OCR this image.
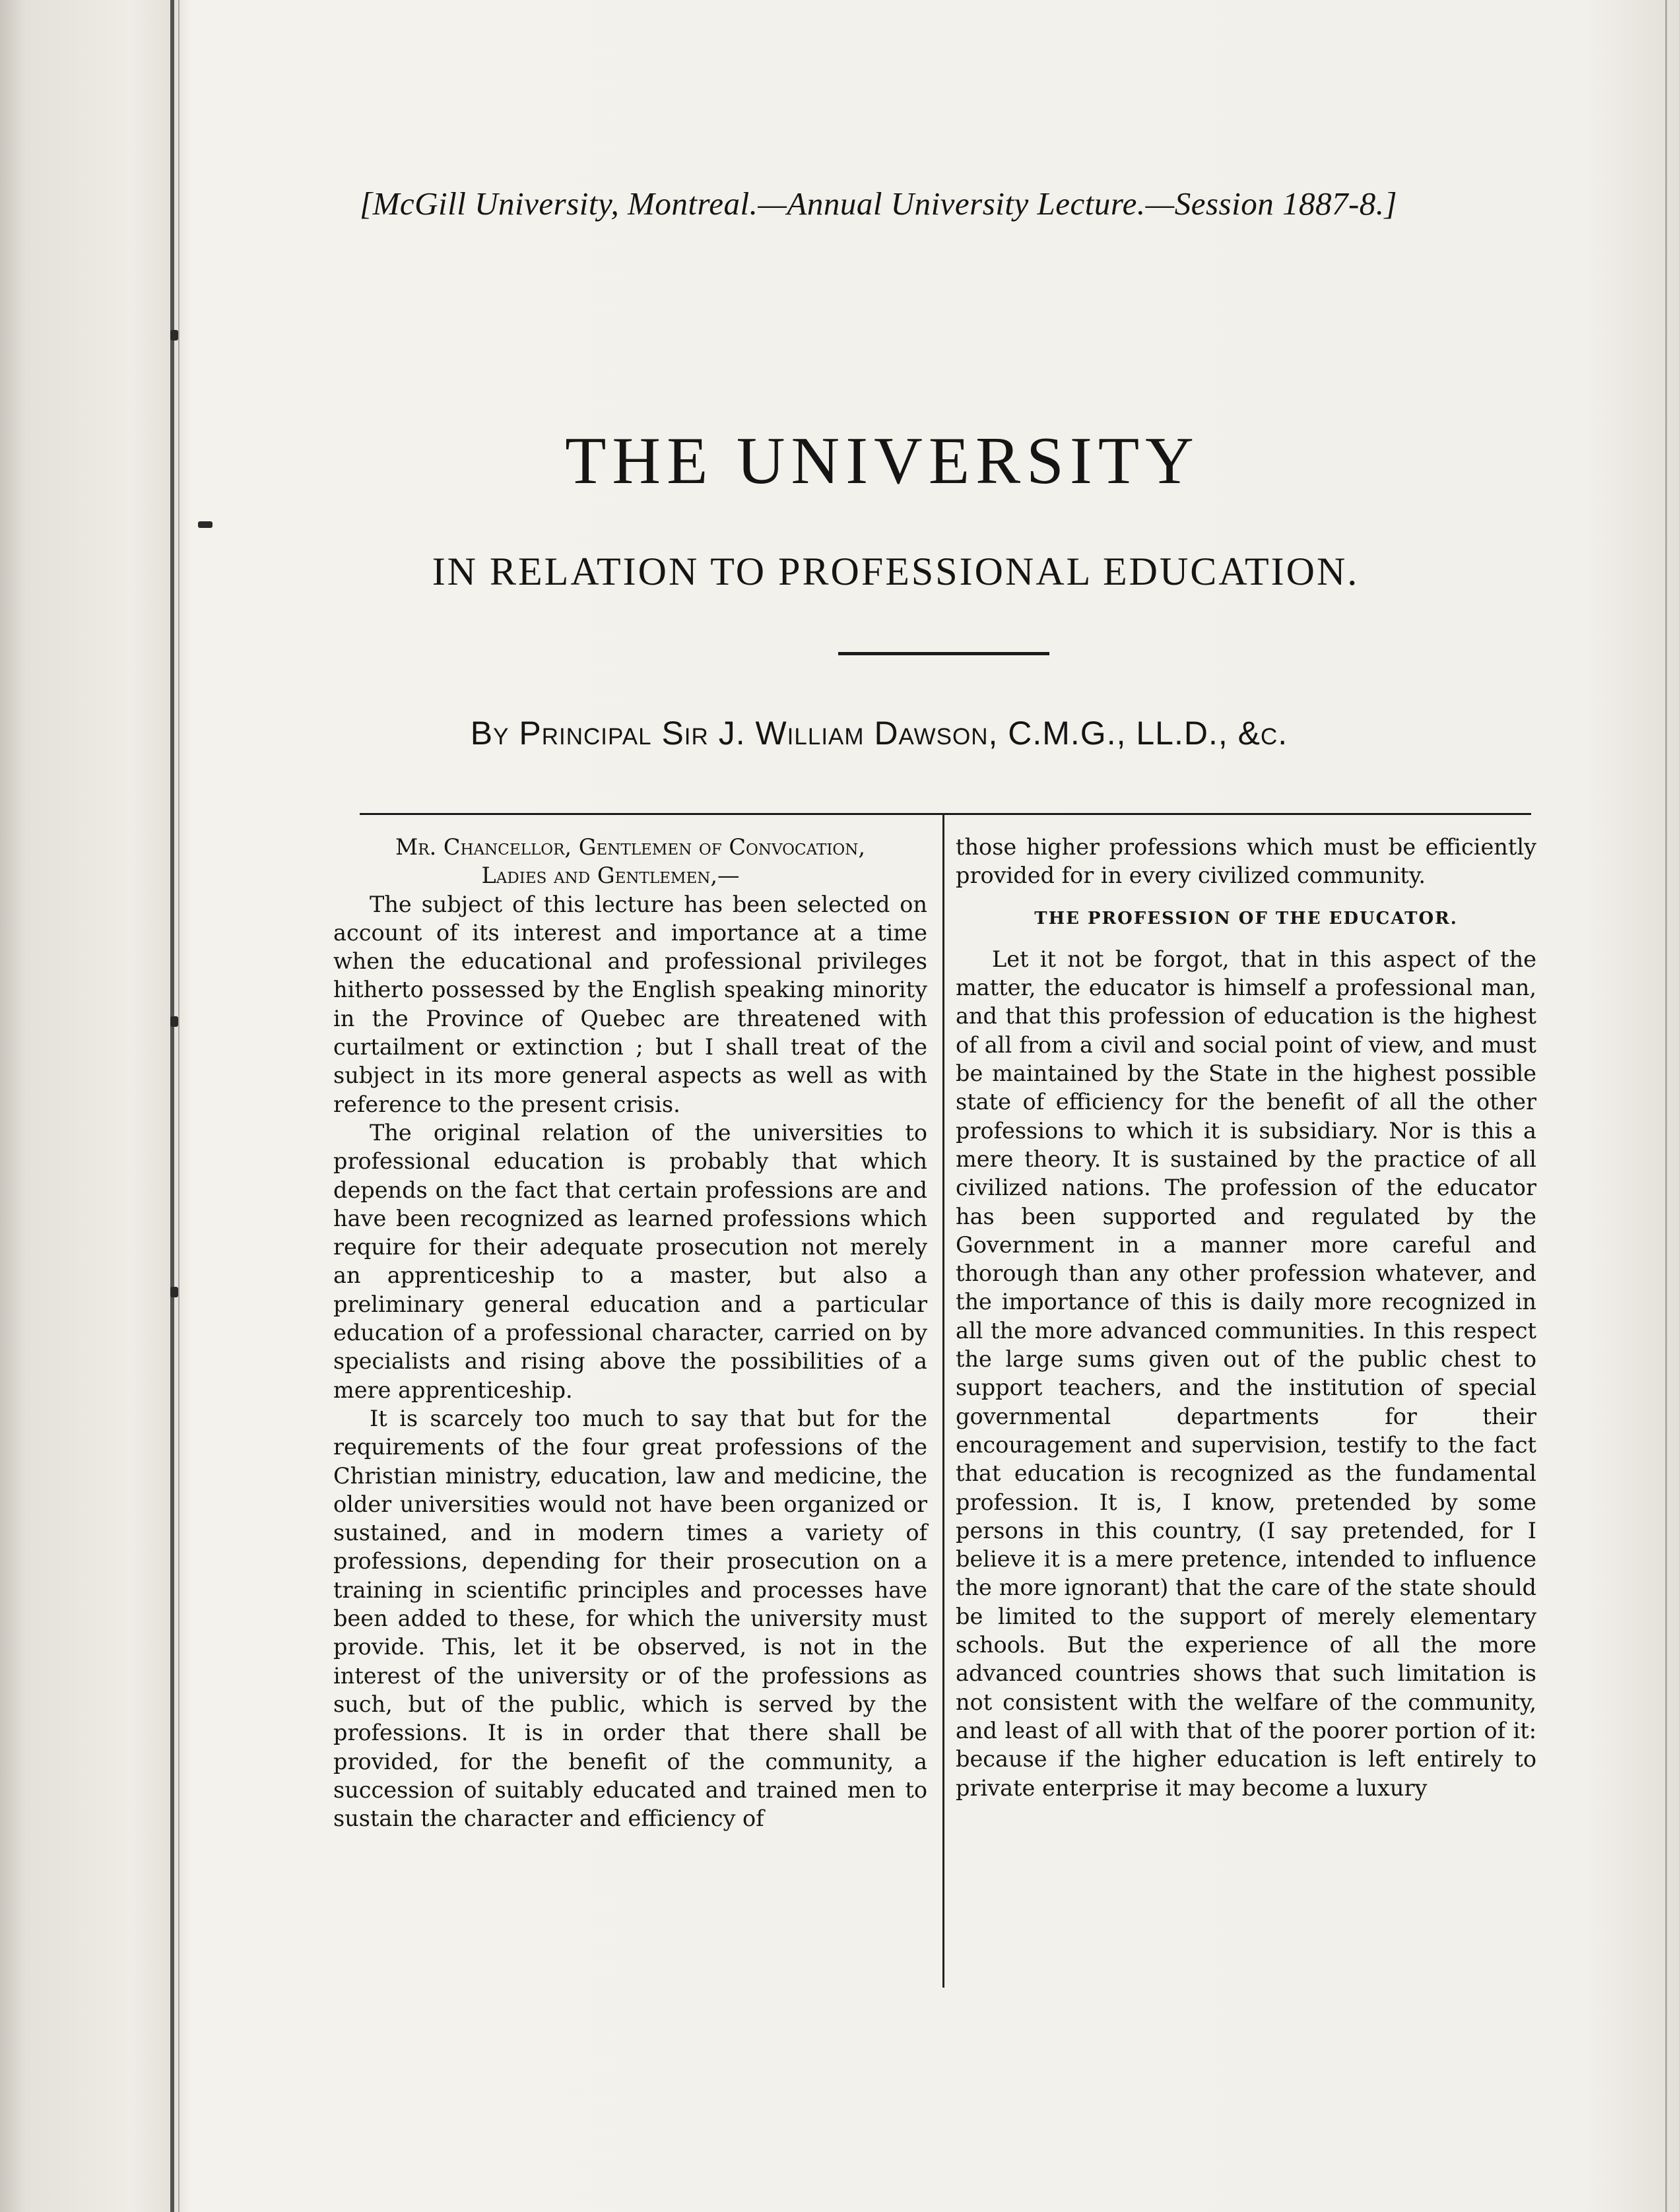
[McGill University, Montreal.—Annual University Lecture.—Session 1887-8.]
THE UNIVERSITY
IN RELATION TO PROFESSIONAL EDUCATION.
By Principal Sir J. William Dawson, C.M.G., LL.D., &c.

Mr. Chancellor, Gentlemen of Convocation,

Ladies and Gentlemen,—

The subject of this lecture has been selected on account of its interest and importance at a time when the educational and professional privileges hitherto possessed by the English speaking minority in the Province of Quebec are threatened with curtailment or extinction ; but I shall treat of the subject in its more general aspects as well as with reference to the present crisis.

The original relation of the universities to professional education is probably that which depends on the fact that certain professions are and have been recognized as learned professions which require for their adequate prosecution not merely an apprenticeship to a master, but also a preliminary general education and a particular education of a professional character, carried on by specialists and rising above the possibilities of a mere apprenticeship.

It is scarcely too much to say that but for the requirements of the four great professions of the Christian ministry, education, law and medicine, the older universities would not have been organized or sustained, and in modern times a variety of professions, depending for their prosecution on a training in scientific principles and processes have been added to these, for which the university must provide. This, let it be observed, is not in the interest of the university or of the professions as such, but of the public, which is served by the professions. It is in order that there shall be provided, for the benefit of the community, a succession of suitably educated and trained men to sustain the character and efficiency of

those higher professions which must be efficiently provided for in every civilized community.

THE PROFESSION OF THE EDUCATOR.

Let it not be forgot, that in this aspect of the matter, the educator is himself a professional man, and that this profession of education is the highest of all from a civil and social point of view, and must be maintained by the State in the highest possible state of efficiency for the benefit of all the other professions to which it is subsidiary. Nor is this a mere theory. It is sustained by the practice of all civilized nations. The profession of the educator has been supported and regulated by the Government in a manner more careful and thorough than any other profession whatever, and the importance of this is daily more recognized in all the more advanced communities. In this respect the large sums given out of the public chest to support teachers, and the institution of special governmental departments for their encouragement and supervision, testify to the fact that education is recognized as the fundamental profession. It is, I know, pretended by some persons in this country, (I say pretended, for I believe it is a mere pretence, intended to influence the more ignorant) that the care of the state should be limited to the support of merely elementary schools. But the experience of all the more advanced countries shows that such limitation is not consistent with the welfare of the community, and least of all with that of the poorer portion of it: because if the higher education is left entirely to private enterprise it may become a luxury
